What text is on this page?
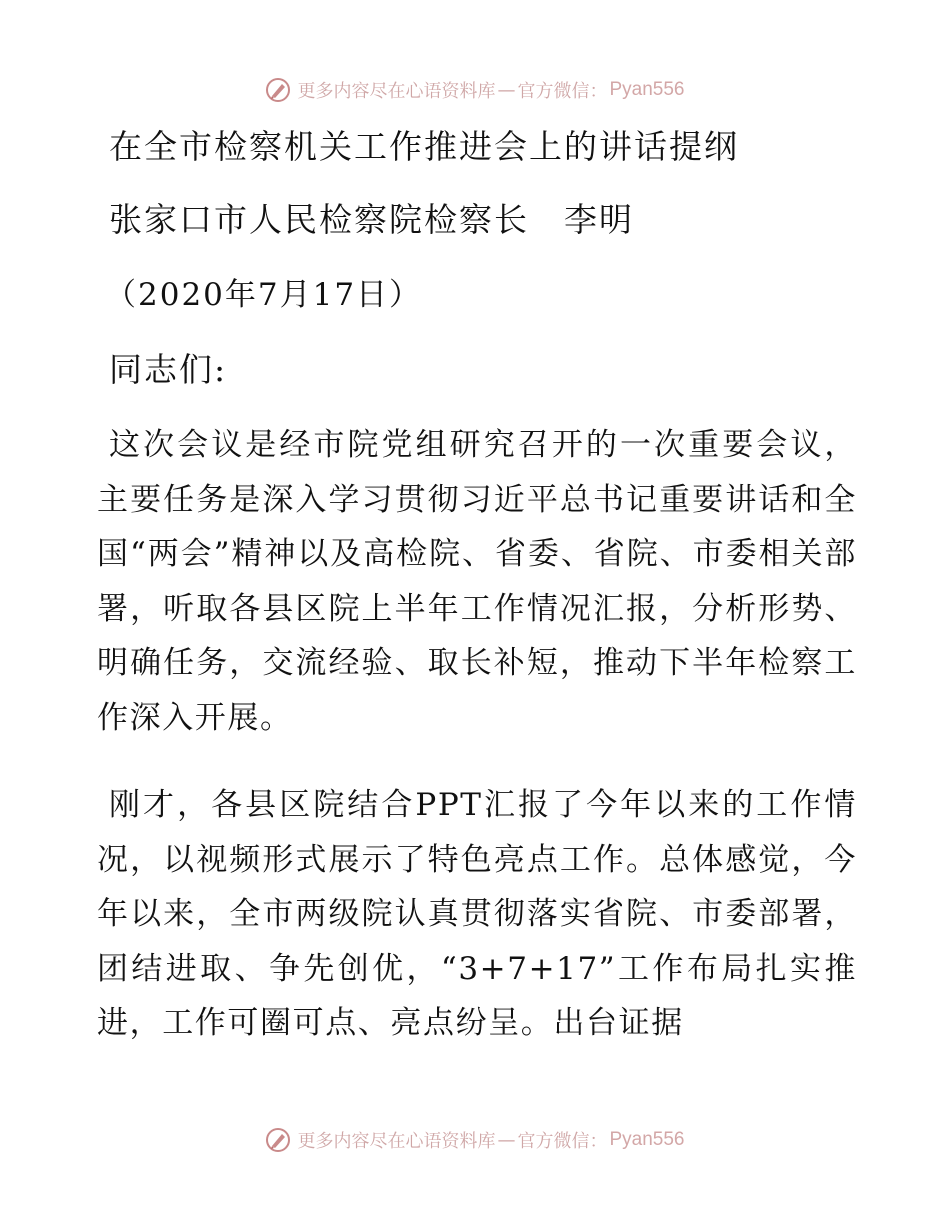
更多内容尽在心语资料库 — 官方微信： Pyan556
在全市检察机关工作推进会上的讲话提纲
张家口市人民检察院检察长　李明
（2020年7月17日）
同志们:
这次会议是经市院党组研究召开的一次重要会议，主要任务是深入学习贯彻习近平总书记重要讲话和全国“两会”精神以及高检院、省委、省院、市委相关部署，听取各县区院上半年工作情况汇报，分析形势、明确任务，交流经验、取长补短，推动下半年检察工作深入开展。
刚才，各县区院结合PPT汇报了今年以来的工作情况，以视频形式展示了特色亮点工作。总体感觉，今年以来，全市两级院认真贯彻落实省院、市委部署，团结进取、争先创优，“3+7+17”工作布局扎实推进，工作可圈可点、亮点纷呈。出台证据
更多内容尽在心语资料库 — 官方微信： Pyan556
